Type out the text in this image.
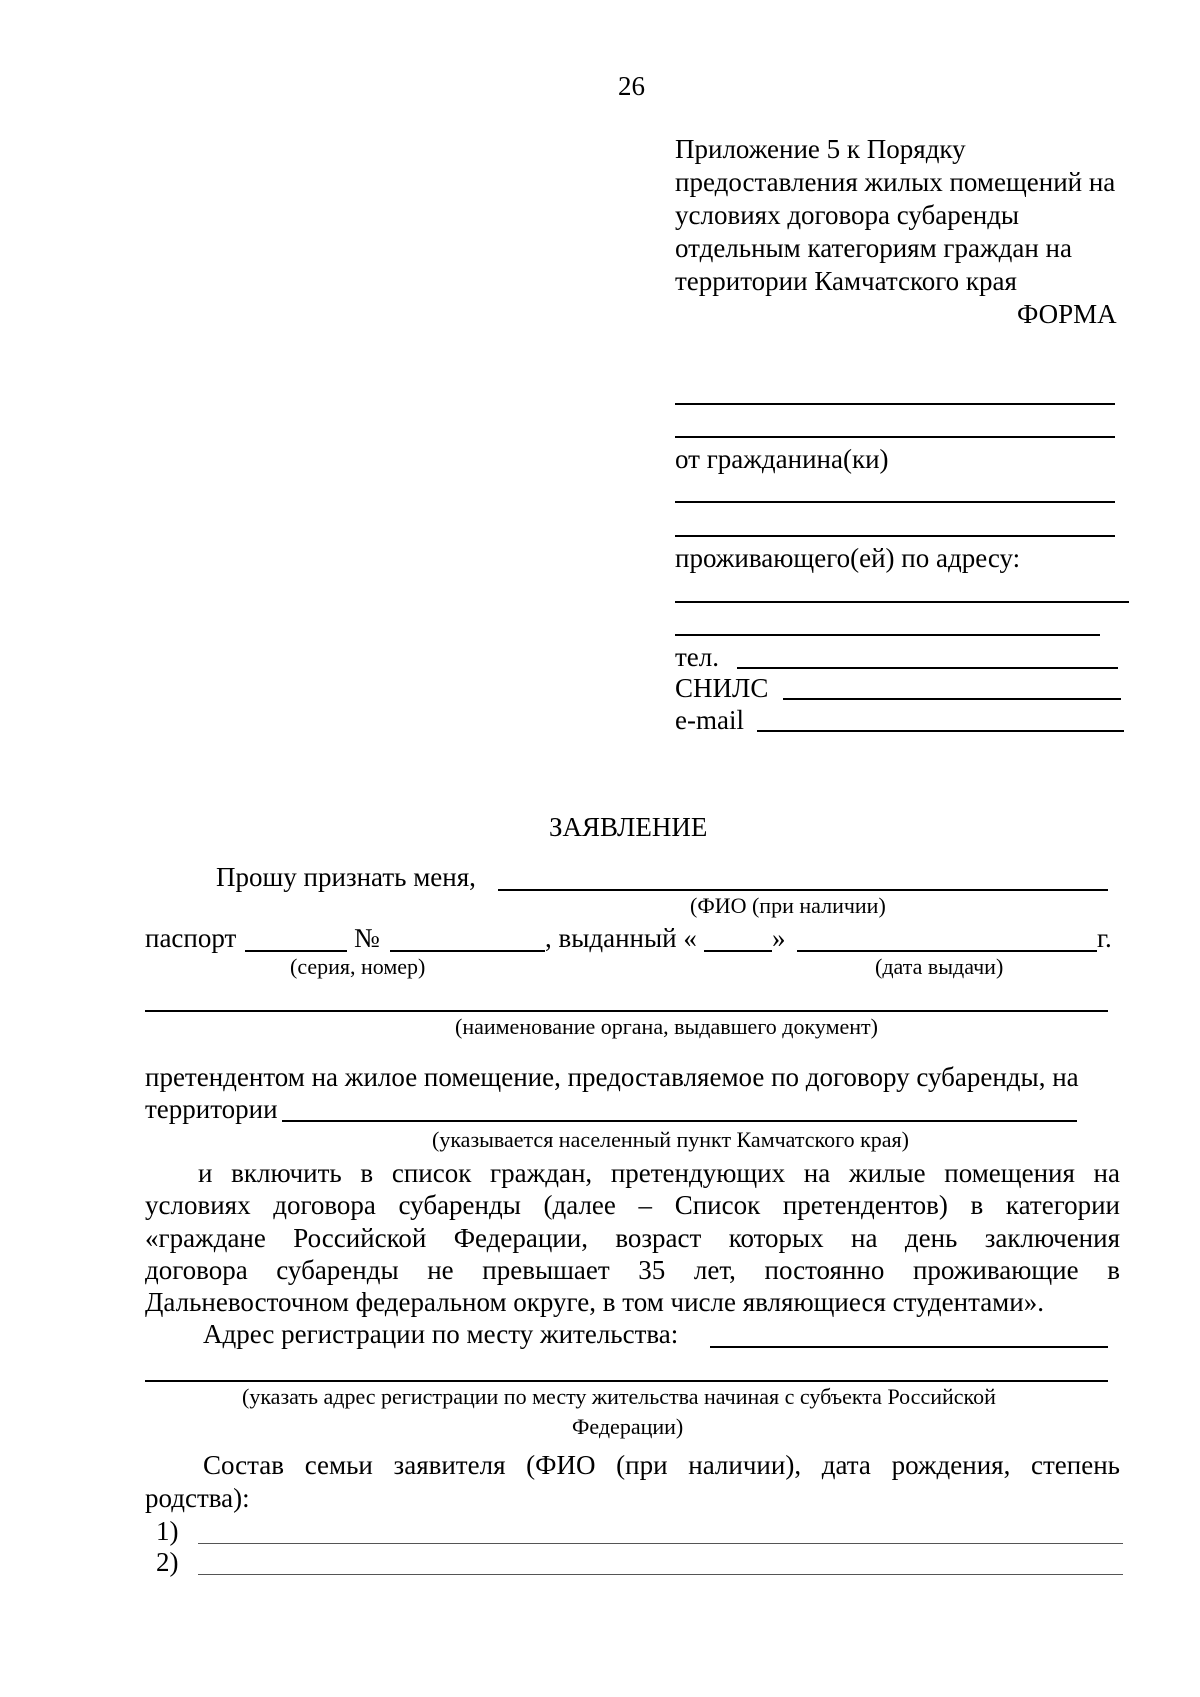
26
Приложение 5 к Порядку
предоставления жилых помещений на
условиях договора субаренды
отдельным категориям граждан на
территории Камчатского края
ФОРМА
от гражданина(ки)
проживающего(ей) по адресу:
тел.
СНИЛС
e-mail
ЗАЯВЛЕНИЕ
Прошу признать меня,
(ФИО (при наличии)
паспорт	№	, выданный «	»	г.
(серия, номер)	(дата выдачи)
(наименование органа, выдавшего документ)
претендентом на жилое помещение, предоставляемое по договору субаренды, на
территории
(указывается населенный пункт Камчатского края)
и включить в список граждан, претендующих на жилые помещения на
условиях договора субаренды (далее – Список претендентов) в категории
«граждане Российской Федерации, возраст которых на день заключения
договора субаренды не превышает 35 лет, постоянно проживающие в
Дальневосточном федеральном округе, в том числе являющиеся студентами».
Адрес регистрации по месту жительства:
(указать адрес регистрации по месту жительства начиная с субъекта Российской
Федерации)
Состав семьи заявителя (ФИО (при наличии), дата рождения, степень
родства):
1)
2)
